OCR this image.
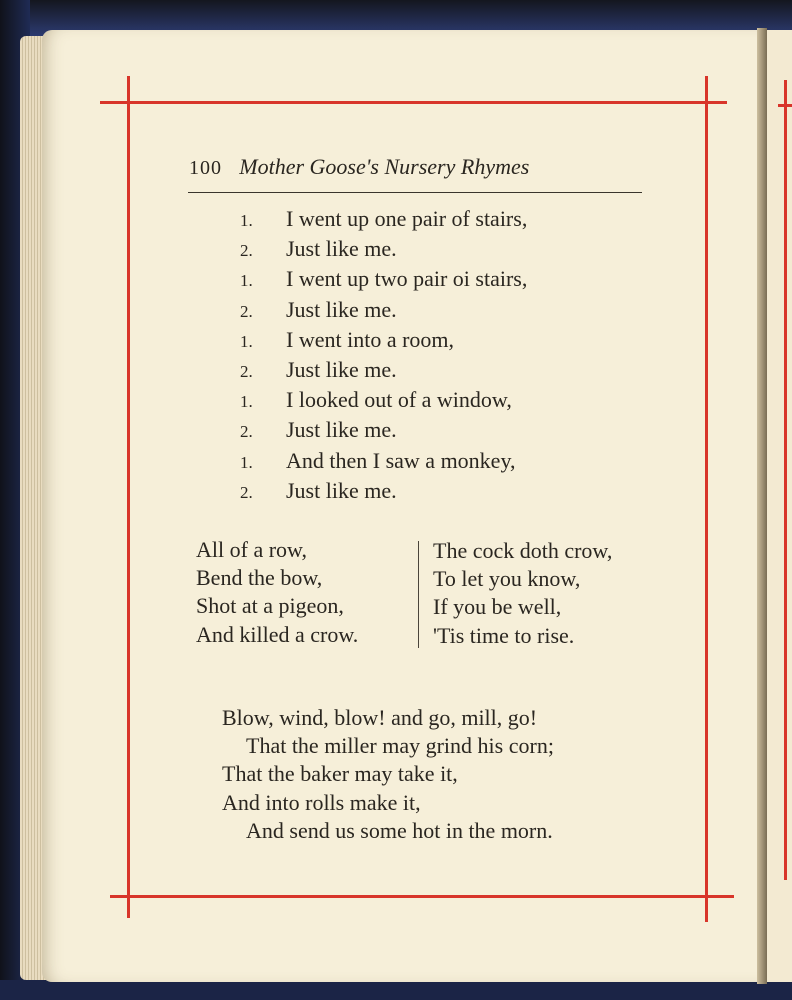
100 Mother Goose's Nursery Rhymes
1. I went up one pair of stairs,
2. Just like me.
1. I went up two pair oi stairs,
2. Just like me.
1. I went into a room,
2. Just like me.
1. I looked out of a window,
2. Just like me.
1. And then I saw a monkey,
2. Just like me.
All of a row,
Bend the bow,
Shot at a pigeon,
And killed a crow.
The cock doth crow,
To let you know,
If you be well,
'Tis time to rise.
Blow, wind, blow! and go, mill, go!
That the miller may grind his corn;
That the baker may take it,
And into rolls make it,
And send us some hot in the morn.
